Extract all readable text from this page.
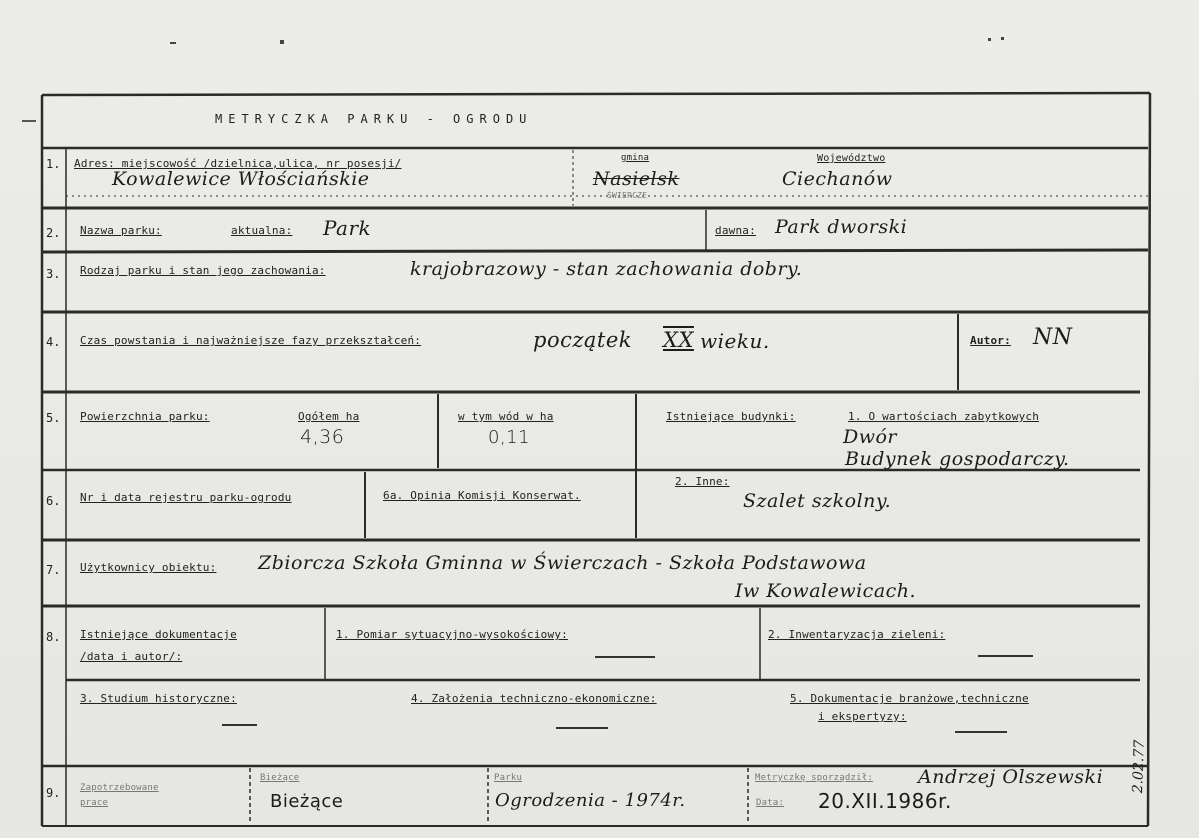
METRYCZKA PARKU - OGRODU
1. Adres: miejscowość /dzielnica,ulica, nr posesji/
Kowalewice Włościańskie
gmina
Nasielsk
ŚWIERCZE
Województwo
Ciechanów
2. Nazwa parku:	aktualna: Park	dawna: Park dworski
3. Rodzaj parku i stan jego zachowania:	krajobrazowy - stan zachowania dobry.
4. Czas powstania i najważniejsze fazy przekształceń:	początek XX wieku.	Autor: NN
5. Powierzchnia parku:	Ogółem ha
4,36
w tym wód w ha
0,11
Istniejące budynki:	1. O wartościach zabytkowych
Dwór
Budynek gospodarczy.
2. Inne:
Szalet szkolny.
6. Nr i data rejestru parku-ogrodu	6a. Opinia Komisji Konserwat.
7. Użytkownicy obiektu: Zbiorcza Szkoła Gminna w Świerczach - Szkoła Podstawowa
Iw Kowalewicach.
8. Istniejące dokumentacje
/data i autor/:
1. Pomiar sytuacyjno-wysokościowy:	2. Inwentaryzacja zieleni:
3. Studium historyczne:	4. Założenia techniczno-ekonomiczne:	5. Dokumentacje branżowe,techniczne
i ekspertyzy:
9. Zapotrzebowane
prace
Bieżące
Bieżące
Parku
Ogrodzenia - 1974r.
Metryczkę sporządził: Andrzej Olszewski
Data: 20.XII.1986r.
2.02.77
